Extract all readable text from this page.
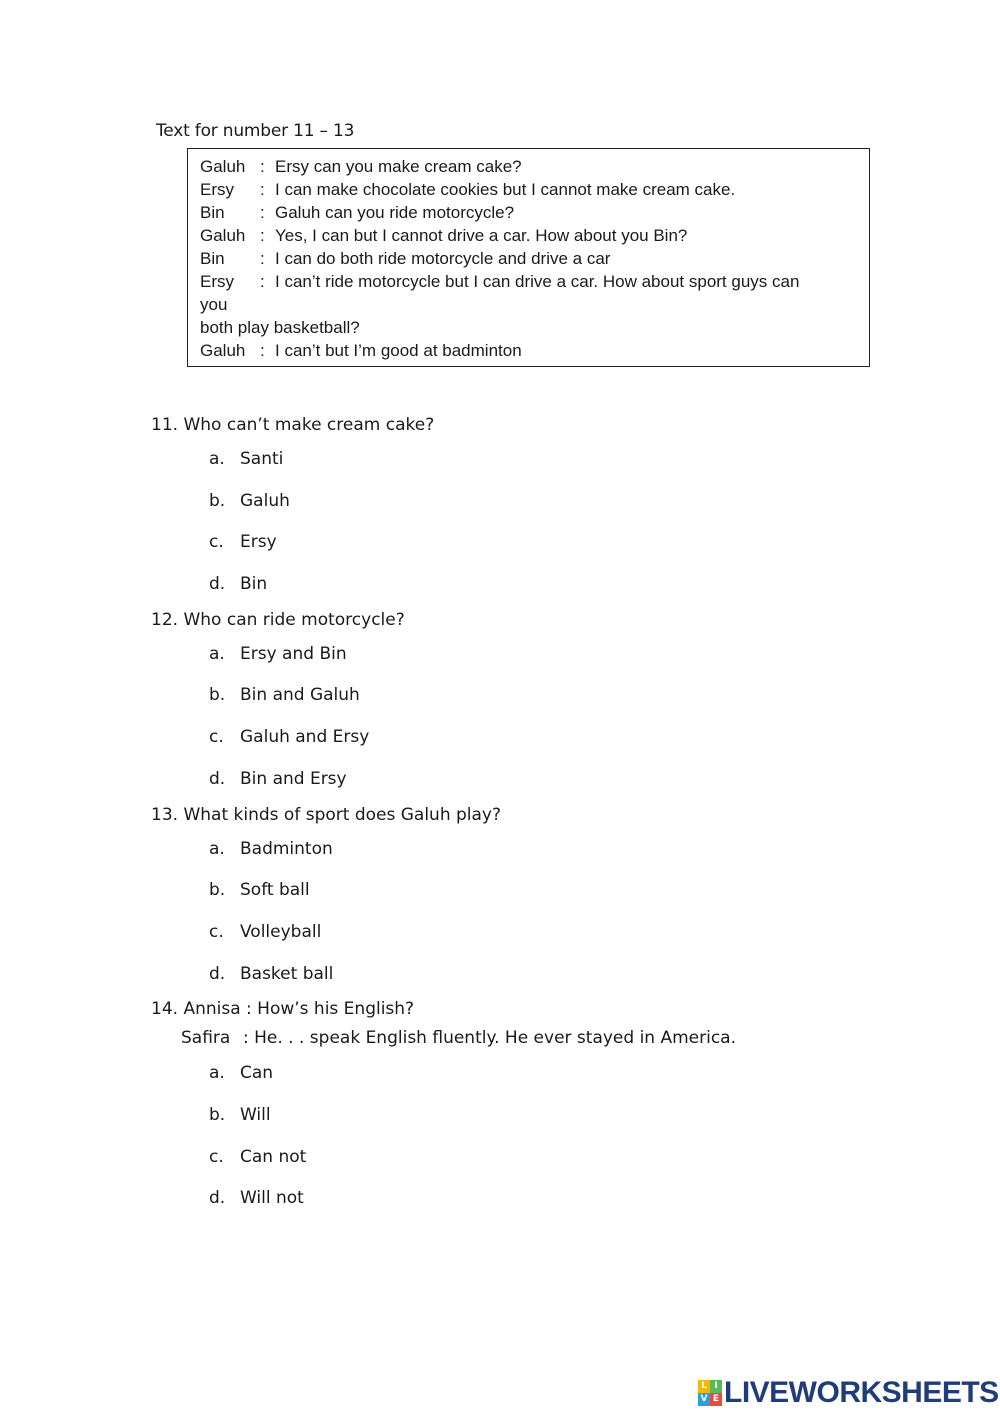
Text for number 11 – 13
Galuh : Ersy can you make cream cake?
Ersy	: I can make chocolate cookies but I cannot make cream cake.
Bin	: Galuh can you ride motorcycle?
Galuh : Yes, I can but I cannot drive a car. How about you Bin?
Bin	: I can do both ride motorcycle and drive a car
Ersy	: I can’t ride motorcycle but I can drive a car. How about sport guys can
you
both play basketball?
Galuh : I can’t but I’m good at badminton
11. Who can’t make cream cake?
a. Santi
b. Galuh
c. Ersy
d. Bin
12. Who can ride motorcycle?
a. Ersy and Bin
b. Bin and Galuh
c. Galuh and Ersy
d. Bin and Ersy
13. What kinds of sport does Galuh play?
a. Badminton
b. Soft ball
c. Volleyball
d. Basket ball
14. Annisa : How’s his English?
Safira : He. . . speak English fluently. He ever stayed in America.
a. Can
b. Will
c. Can not
d. Will not
L I
V E LIVEWORKSHEETS
